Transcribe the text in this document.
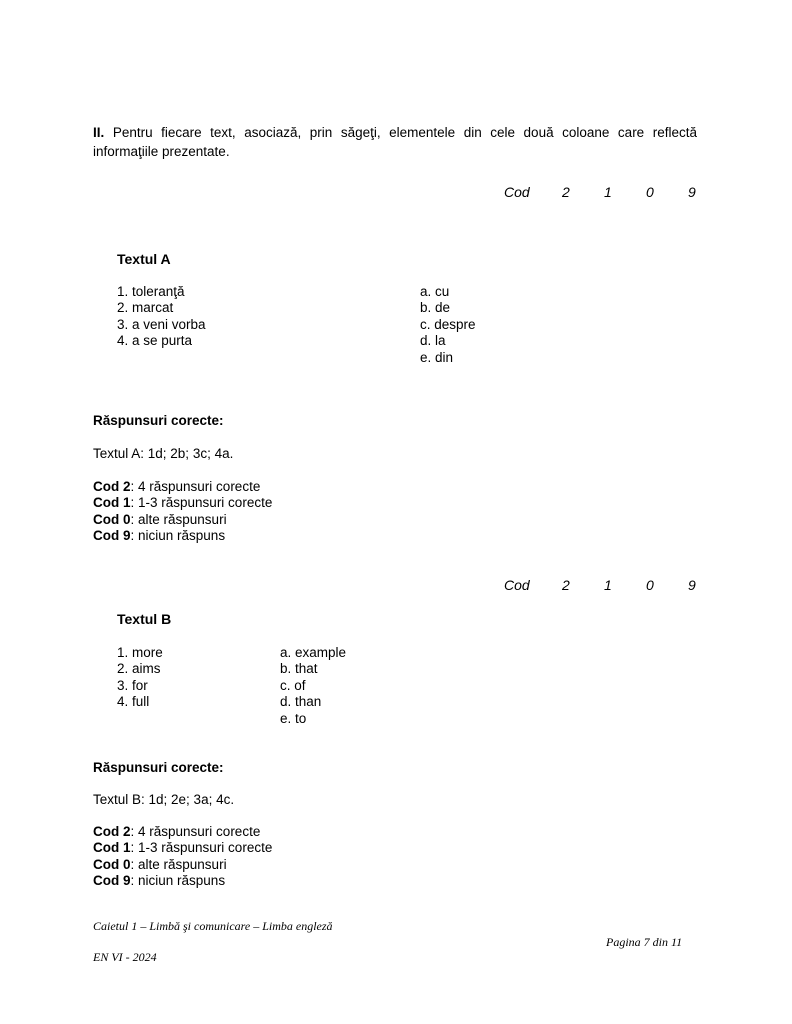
II. Pentru fiecare text, asociază, prin săgeţi, elementele din cele două coloane care reflectă
informaţiile prezentate.
Cod 2 1 0 9
Textul A
1. toleranţă
2. marcat
3. a veni vorba
4. a se purta
a. cu
b. de
c. despre
d. la
e. din
Răspunsuri corecte:
Textul A: 1d; 2b; 3c; 4a.
Cod 2: 4 răspunsuri corecte
Cod 1: 1-3 răspunsuri corecte
Cod 0: alte răspunsuri
Cod 9: niciun răspuns
Cod 2 1 0 9
Textul B
1. more
2. aims
3. for
4. full
a. example
b. that
c. of
d. than
e. to
Răspunsuri corecte:
Textul B: 1d; 2e; 3a; 4c.
Cod 2: 4 răspunsuri corecte
Cod 1: 1-3 răspunsuri corecte
Cod 0: alte răspunsuri
Cod 9: niciun răspuns
Caietul 1 – Limbă şi comunicare – Limba engleză
Pagina 7 din 11
EN VI - 2024
